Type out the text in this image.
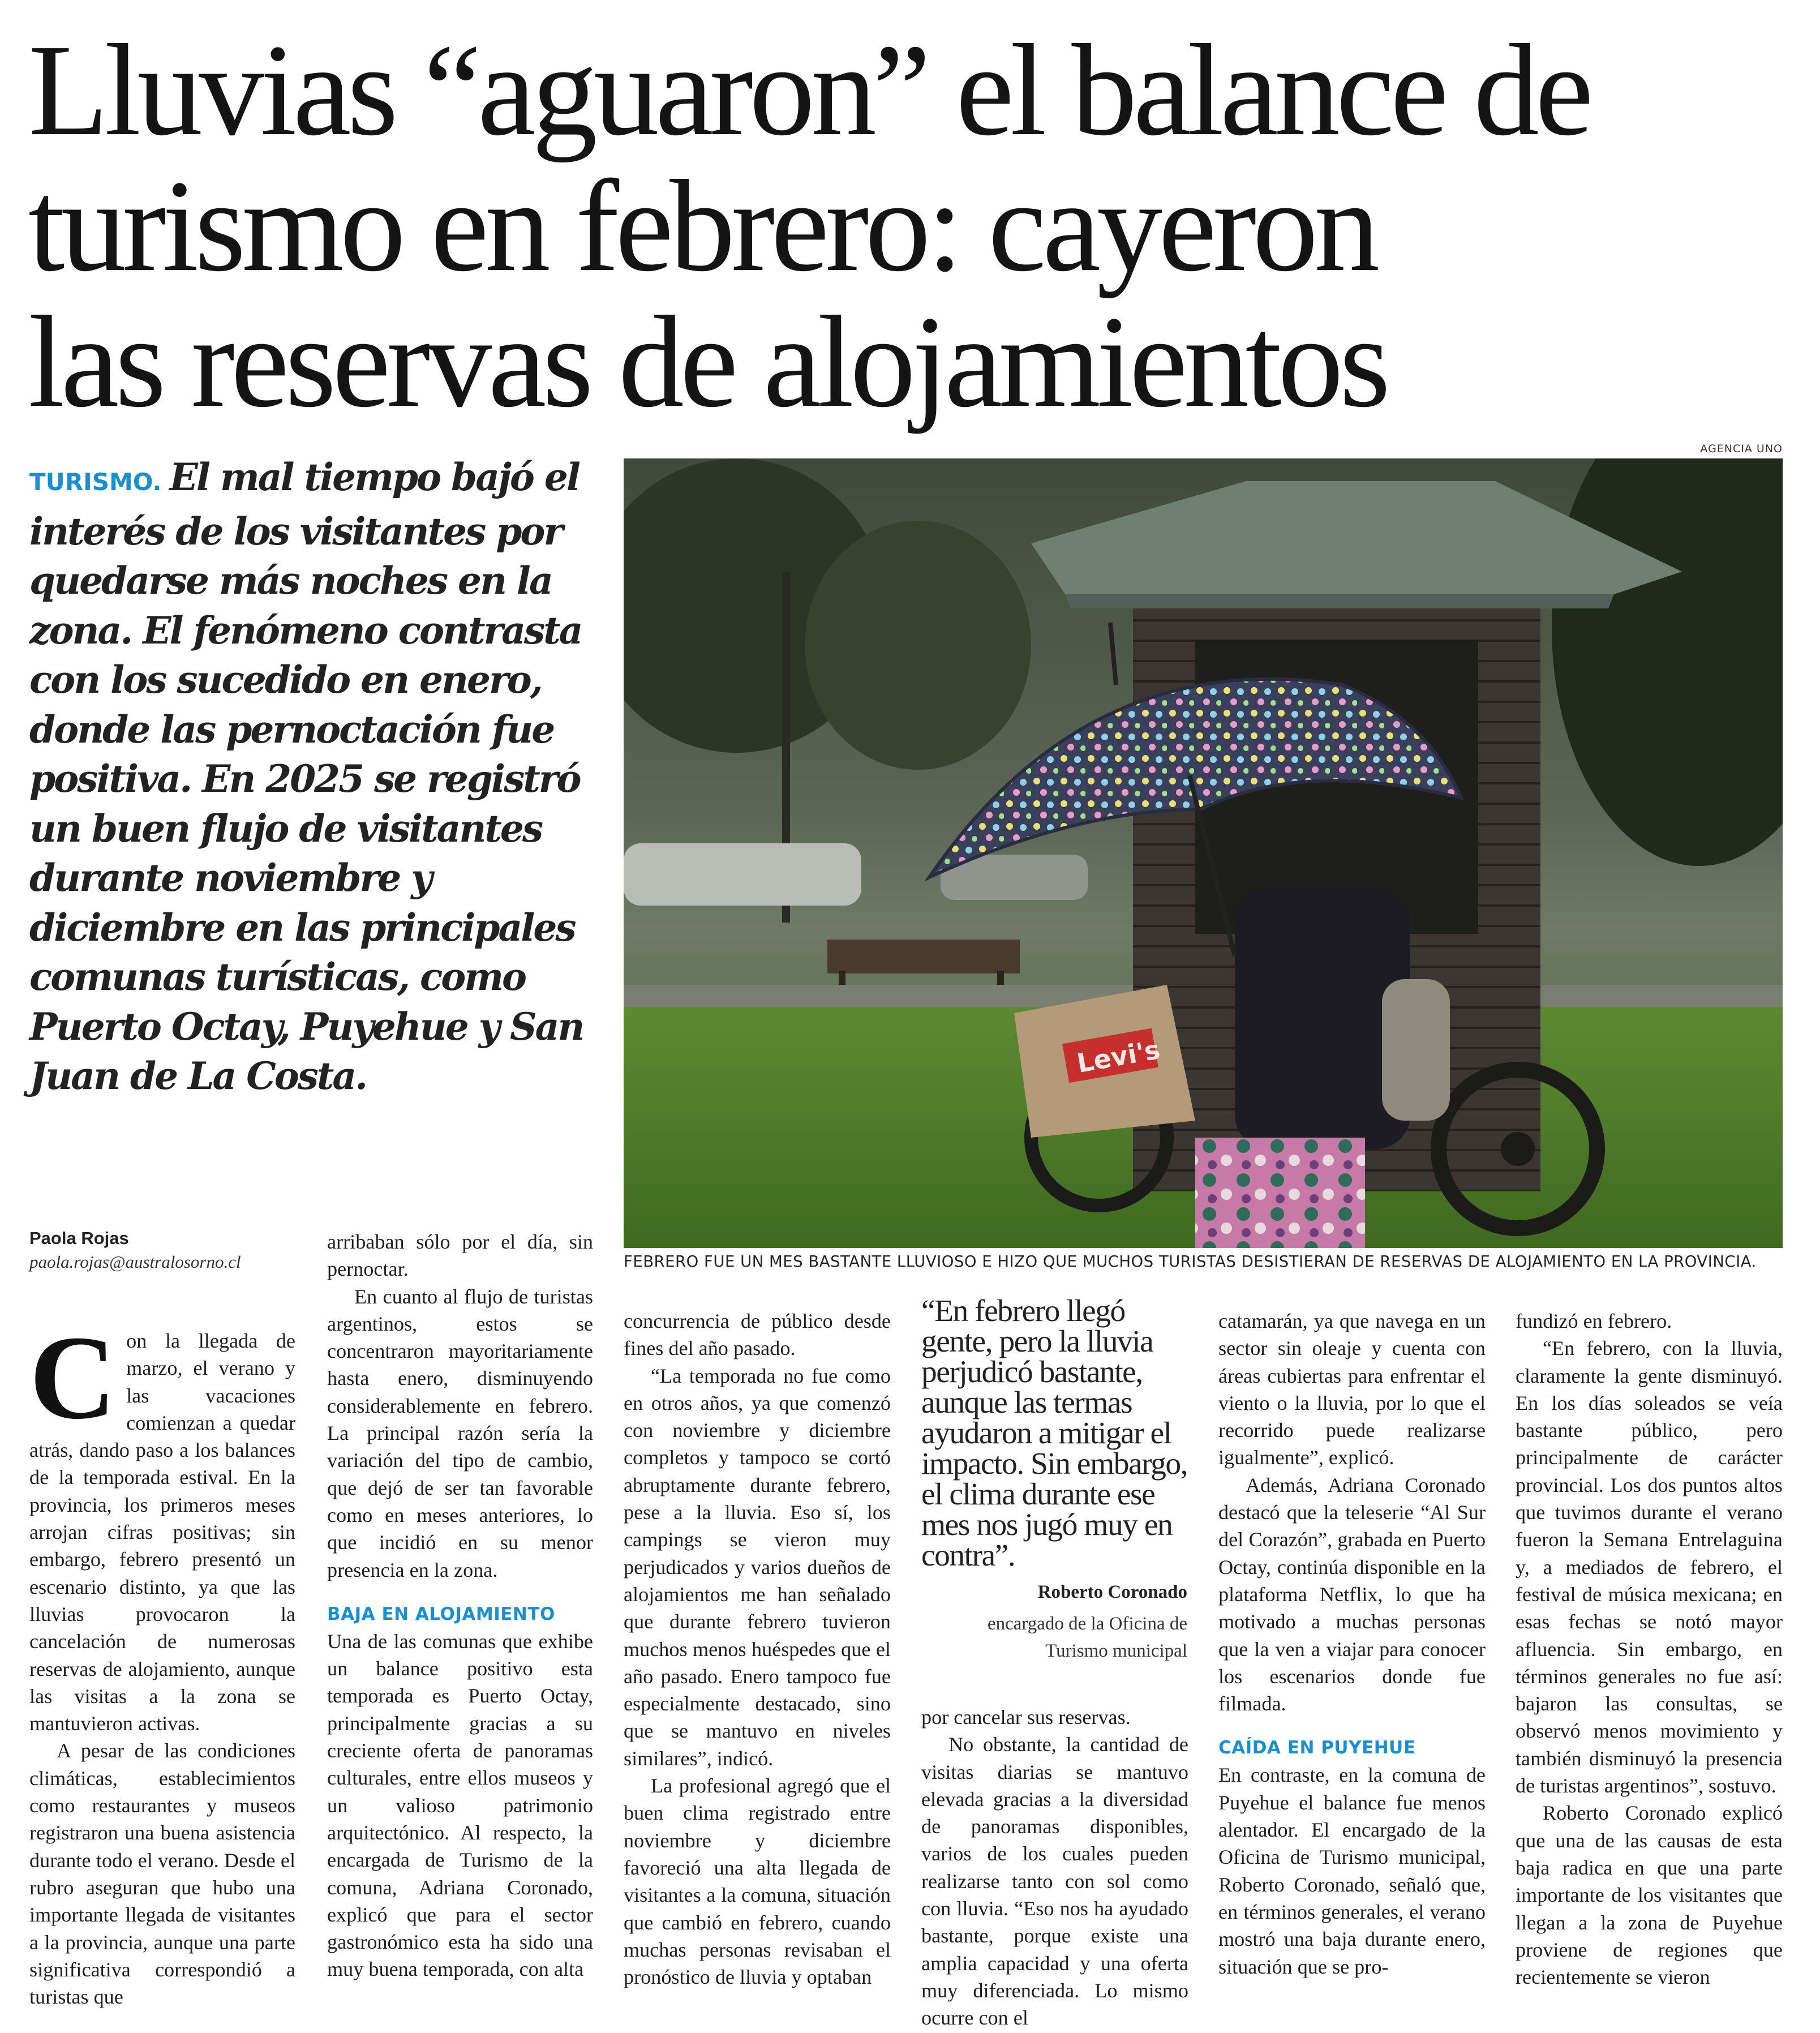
Lluvias “aguaron” el balance de
turismo en febrero: cayeron
las reservas de alojamientos
TURISMO. El mal tiempo bajó el interés de los visitantes por quedarse más noches en la zona. El fenómeno contrasta con los sucedido en enero, donde las pernoctación fue positiva. En 2025 se registró un buen flujo de visitantes durante noviembre y diciembre en las principales comunas turísticas, como Puerto Octay, Puyehue y San Juan de La Costa.
AGENCIA UNO
Levi's
FEBRERO FUE UN MES BASTANTE LLUVIOSO E HIZO QUE MUCHOS TURISTAS DESISTIERAN DE RESERVAS DE ALOJAMIENTO EN LA PROVINCIA.
Paola Rojas
paola.rojas@australosorno.cl

Con la llegada de marzo, el verano y las vacaciones comienzan a quedar atrás, dando paso a los balances de la temporada estival. En la provincia, los primeros meses arrojan cifras positivas; sin embargo, febrero presentó un escenario distinto, ya que las lluvias provocaron la cancelación de numerosas reservas de alojamiento, aunque las visitas a la zona se mantuvieron activas.

A pesar de las condiciones climáticas, establecimientos como restaurantes y museos registraron una buena asistencia durante todo el verano. Desde el rubro aseguran que hubo una importante llegada de visitantes a la provincia, aunque una parte significativa correspondió a turistas que

arribaban sólo por el día, sin pernoctar.

En cuanto al flujo de turistas argentinos, estos se concentraron mayoritariamente hasta enero, disminuyendo considerablemente en febrero. La principal razón sería la variación del tipo de cambio, que dejó de ser tan favorable como en meses anteriores, lo que incidió en su menor presencia en la zona.

BAJA EN ALOJAMIENTO

Una de las comunas que exhibe un balance positivo esta temporada es Puerto Octay, principalmente gracias a su creciente oferta de panoramas culturales, entre ellos museos y un valioso patrimonio arquitectónico. Al respecto, la encargada de Turismo de la comuna, Adriana Coronado, explicó que para el sector gastronómico esta ha sido una muy buena temporada, con alta

concurrencia de público desde fines del año pasado.

“La temporada no fue como en otros años, ya que comenzó con noviembre y diciembre completos y tampoco se cortó abruptamente durante febrero, pese a la lluvia. Eso sí, los campings se vieron muy perjudicados y varios dueños de alojamientos me han señalado que durante febrero tuvieron muchos menos huéspedes que el año pasado. Enero tampoco fue especialmente destacado, sino que se mantuvo en niveles similares”, indicó.

La profesional agregó que el buen clima registrado entre noviembre y diciembre favoreció una alta llegada de visitantes a la comuna, situación que cambió en febrero, cuando muchas personas revisaban el pronóstico de lluvia y optaban

“En febrero llegó gente, pero la lluvia perjudicó bastante, aunque las termas ayudaron a mitigar el impacto. Sin embargo, el clima durante ese mes nos jugó muy en contra”.
Roberto Coronado
encargado de la Oficina de Turismo municipal

por cancelar sus reservas.

No obstante, la cantidad de visitas diarias se mantuvo elevada gracias a la diversidad de panoramas disponibles, varios de los cuales pueden realizarse tanto con sol como con lluvia. “Eso nos ha ayudado bastante, porque existe una amplia capacidad y una oferta muy diferenciada. Lo mismo ocurre con el

catamarán, ya que navega en un sector sin oleaje y cuenta con áreas cubiertas para enfrentar el viento o la lluvia, por lo que el recorrido puede realizarse igualmente”, explicó.

Además, Adriana Coronado destacó que la teleserie “Al Sur del Corazón”, grabada en Puerto Octay, continúa disponible en la plataforma Netflix, lo que ha motivado a muchas personas que la ven a viajar para conocer los escenarios donde fue filmada.

CAÍDA EN PUYEHUE

En contraste, en la comuna de Puyehue el balance fue menos alentador. El encargado de la Oficina de Turismo municipal, Roberto Coronado, señaló que, en términos generales, el verano mostró una baja durante enero, situación que se pro-

fundizó en febrero.

“En febrero, con la lluvia, claramente la gente disminuyó. En los días soleados se veía bastante público, pero principalmente de carácter provincial. Los dos puntos altos que tuvimos durante el verano fueron la Semana Entrelaguina y, a mediados de febrero, el festival de música mexicana; en esas fechas se notó mayor afluencia. Sin embargo, en términos generales no fue así: bajaron las consultas, se observó menos movimiento y también disminuyó la presencia de turistas argentinos”, sostuvo.

Roberto Coronado explicó que una de las causas de esta baja radica en que una parte importante de los visitantes que llegan a la zona de Puyehue proviene de regiones que recientemente se vieron
